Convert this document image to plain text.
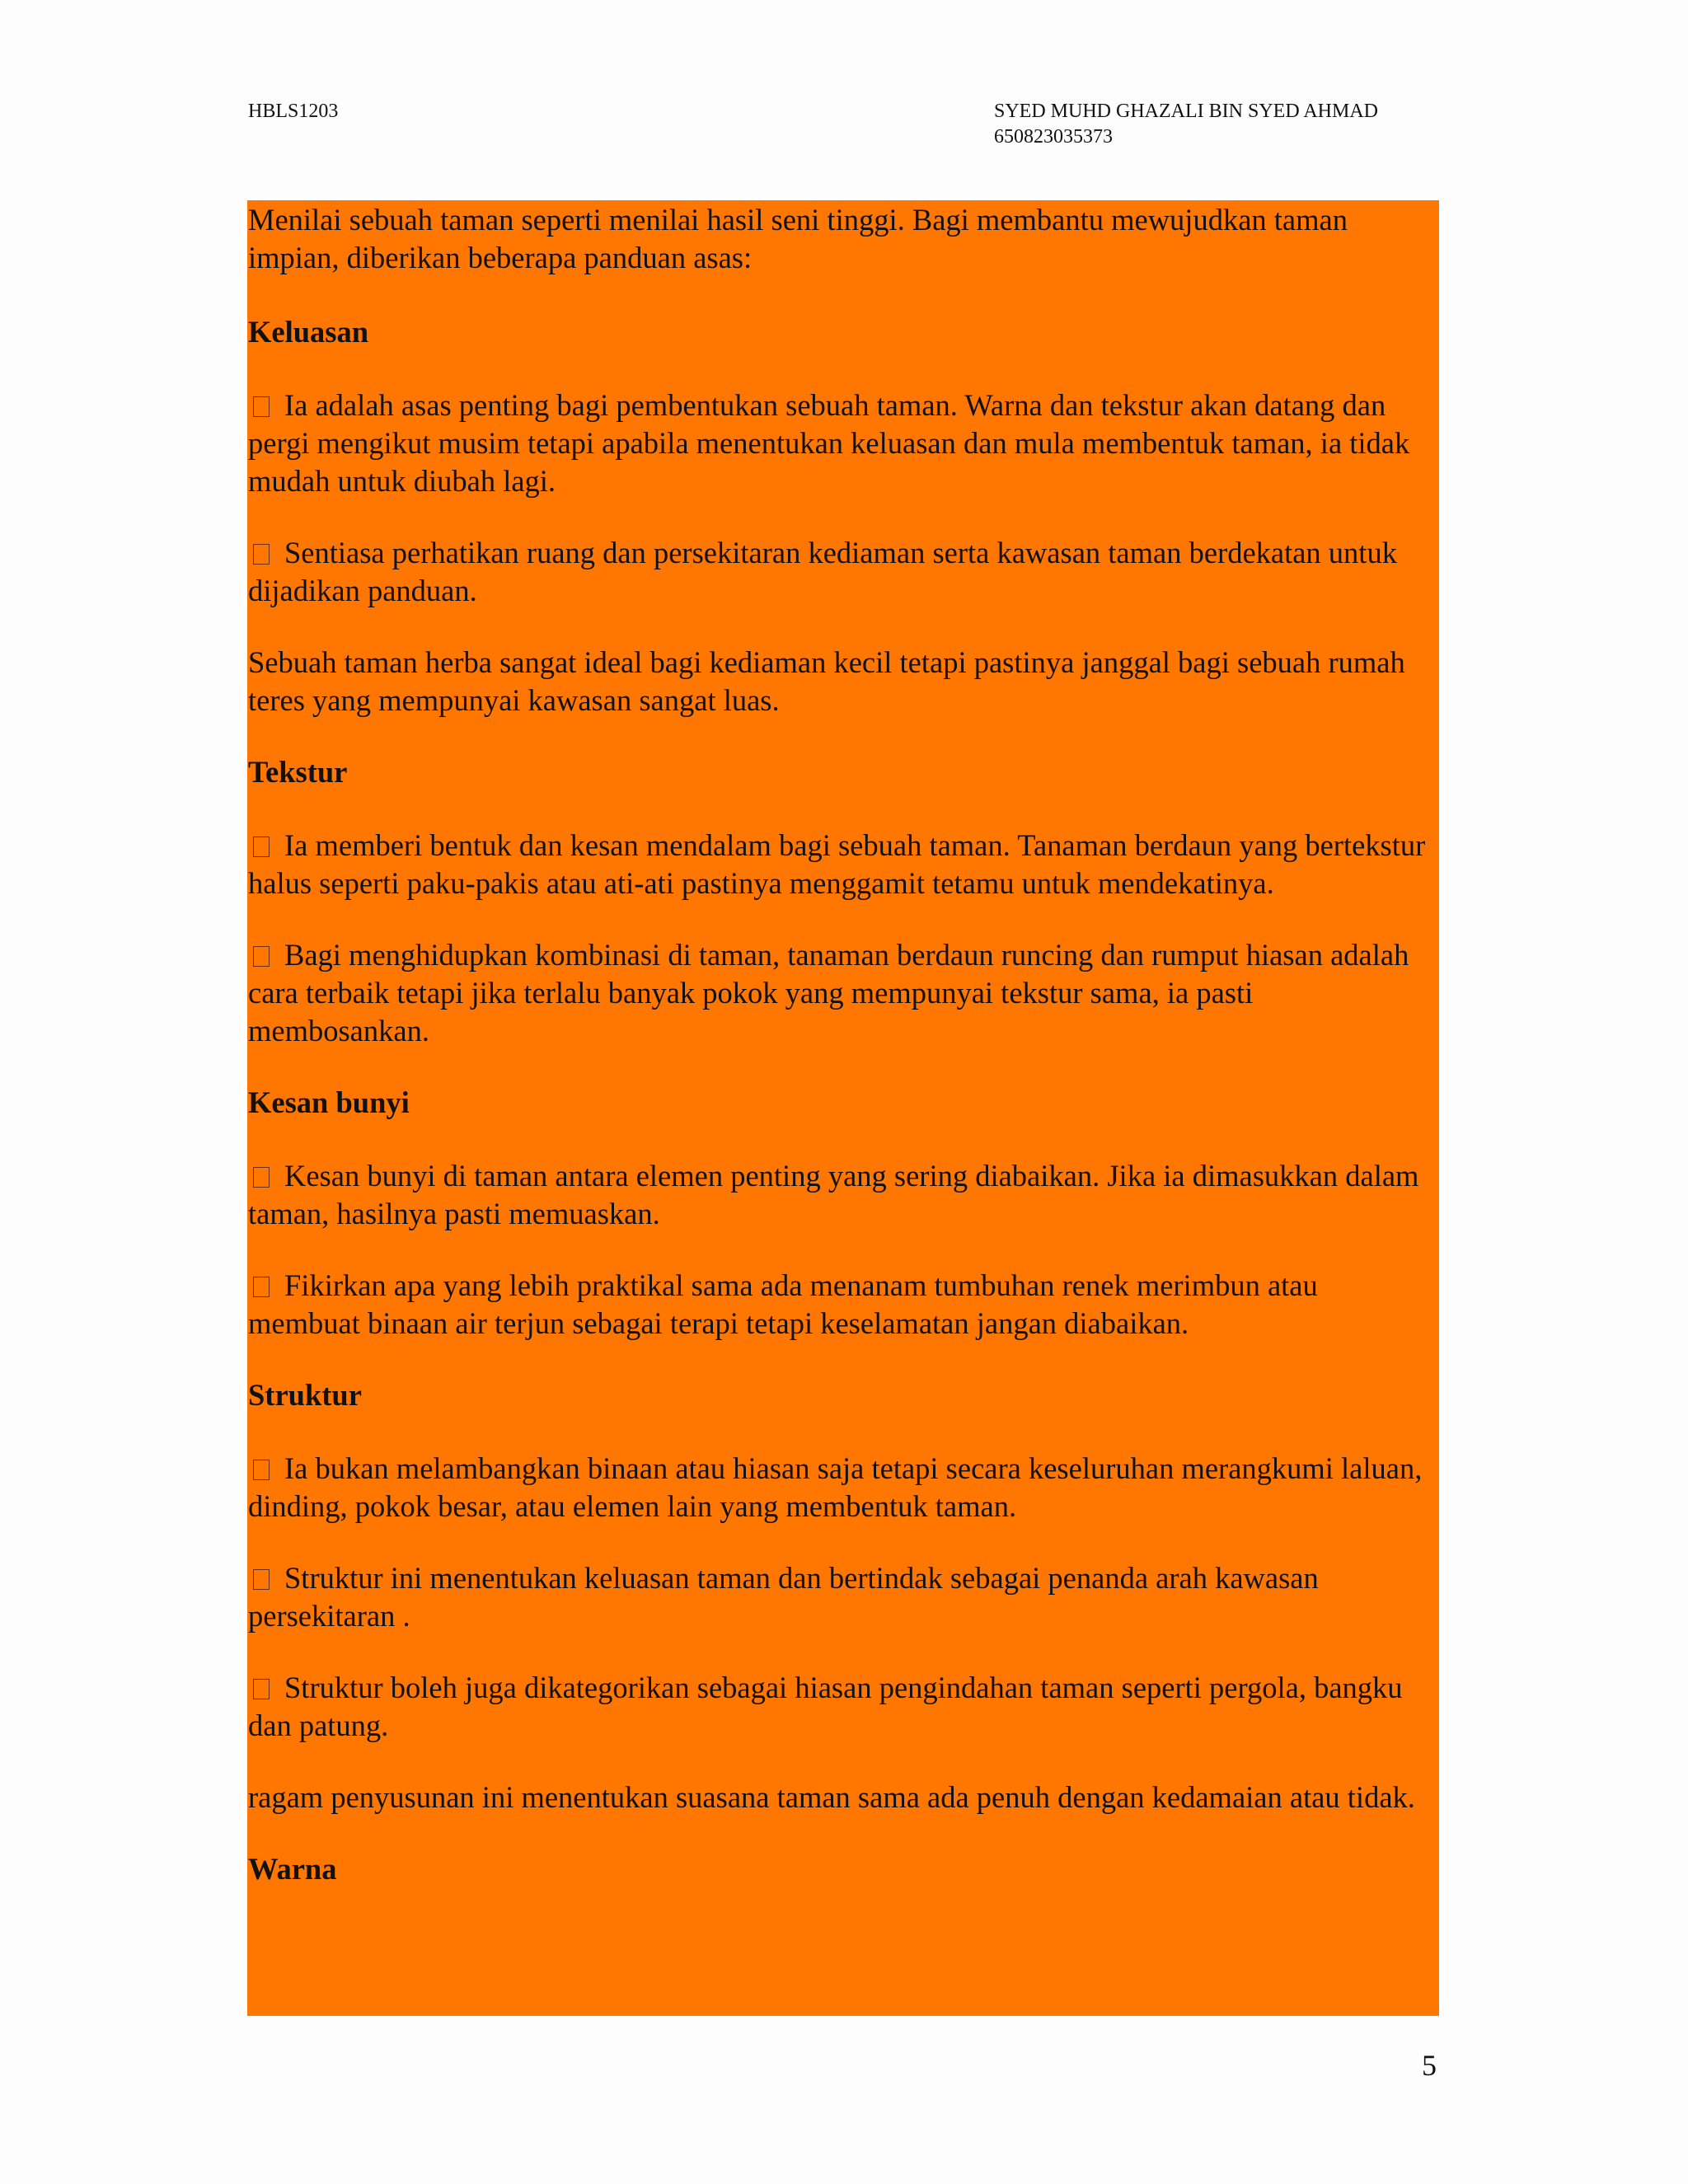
HBLS1203	SYED MUHD GHAZALI BIN SYED AHMAD
650823035373

Menilai sebuah taman seperti menilai hasil seni tinggi. Bagi membantu mewujudkan taman impian, diberikan beberapa panduan asas:

Keluasan

Ia adalah asas penting bagi pembentukan sebuah taman. Warna dan tekstur akan datang dan pergi mengikut musim tetapi apabila menentukan keluasan dan mula membentuk taman, ia tidak mudah untuk diubah lagi.

Sentiasa perhatikan ruang dan persekitaran kediaman serta kawasan taman berdekatan untuk dijadikan panduan.

Sebuah taman herba sangat ideal bagi kediaman kecil tetapi pastinya janggal bagi sebuah rumah teres yang mempunyai kawasan sangat luas.

Tekstur

Ia memberi bentuk dan kesan mendalam bagi sebuah taman. Tanaman berdaun yang bertekstur halus seperti paku-pakis atau ati-ati pastinya menggamit tetamu untuk mendekatinya.

Bagi menghidupkan kombinasi di taman, tanaman berdaun runcing dan rumput hiasan adalah cara terbaik tetapi jika terlalu banyak pokok yang mempunyai tekstur sama, ia pasti membosankan.

Kesan bunyi

Kesan bunyi di taman antara elemen penting yang sering diabaikan. Jika ia dimasukkan dalam taman, hasilnya pasti memuaskan.

Fikirkan apa yang lebih praktikal sama ada menanam tumbuhan renek merimbun atau membuat binaan air terjun sebagai terapi tetapi keselamatan jangan diabaikan.

Struktur

Ia bukan melambangkan binaan atau hiasan saja tetapi secara keseluruhan merangkumi laluan, dinding, pokok besar, atau elemen lain yang membentuk taman.

Struktur ini menentukan keluasan taman dan bertindak sebagai penanda arah kawasan persekitaran .

Struktur boleh juga dikategorikan sebagai hiasan pengindahan taman seperti pergola, bangku dan patung.

ragam penyusunan ini menentukan suasana taman sama ada penuh dengan kedamaian atau tidak.

Warna
5
